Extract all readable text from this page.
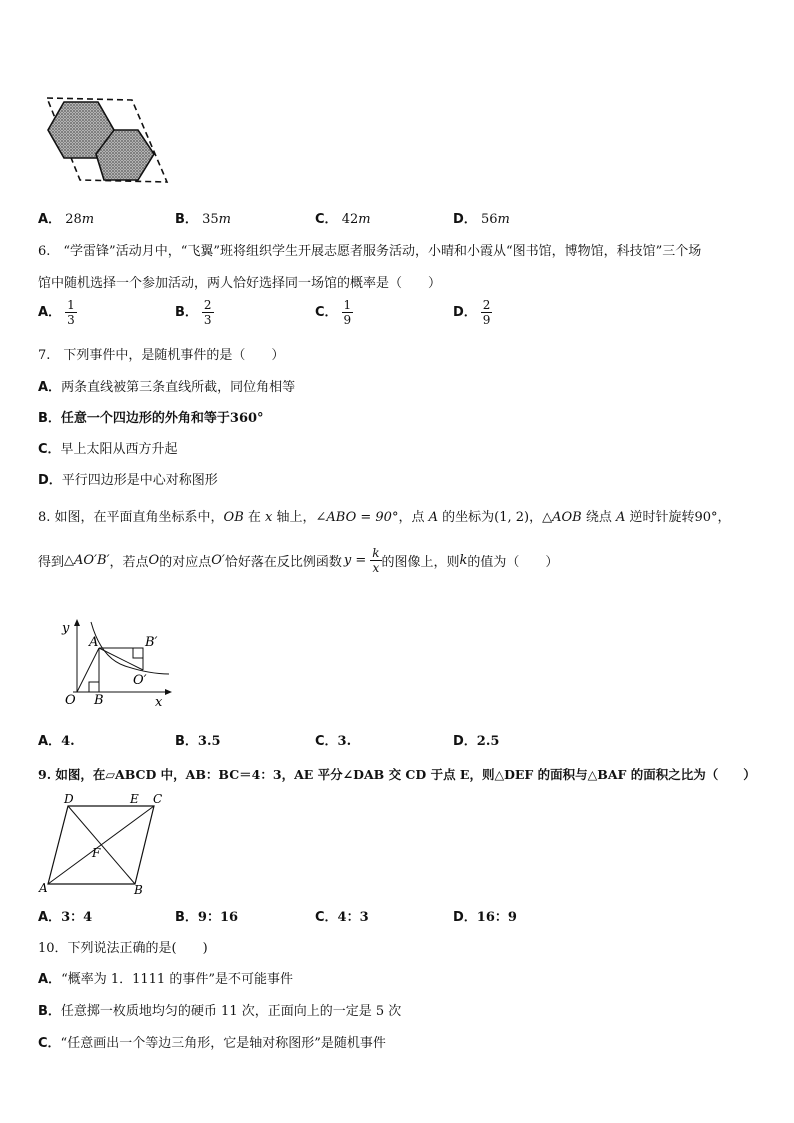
A． 28m	B． 35m	C． 42m	D． 56m
6.　“学雷锋”活动月中，“飞翼”班将组织学生开展志愿者服务活动，小晴和小霞从“图书馆，博物馆，科技馆”三个场
馆中随机选择一个参加活动，两人恰好选择同一场馆的概率是（　　）
A． $\frac{1}{3}$	B． $\frac{2}{3}$	C． $\frac{1}{9}$	D． $\frac{2}{9}$
7.　下列事件中，是随机事件的是（　　）
A．两条直线被第三条直线所截，同位角相等
B．任意一个四边形的外角和等于360°
C．早上太阳从西方升起
D．平行四边形是中心对称图形
8. 如图，在平面直角坐标系中，OB 在 x 轴上，∠ABO = 90°，点 A 的坐标为(1, 2)，△AOB 绕点 A 逆时针旋转90°，
得到 △AO′B′ ，若点 O 的对应点 O′ 恰好落在反比例函数 $y = \frac{k}{x}$ 的图像上，则 k 的值为（　　）
y
A	B′
O′
O B	x
A．4.	B．3.5	C．3.	D．2.5
9. 如图，在▱ABCD 中，AB：BC＝4：3，AE 平分∠DAB 交 CD 于点 E，则△DEF 的面积与△BAF 的面积之比为（　　）
D	E C
F
A	B
A．3：4	B．9：16	C．4：3	D．16：9
10．下列说法正确的是(　　)
A．“概率为 1．1111 的事件”是不可能事件
B．任意掷一枚质地均匀的硬币 11 次，正面向上的一定是 5 次
C．“任意画出一个等边三角形，它是轴对称图形”是随机事件
